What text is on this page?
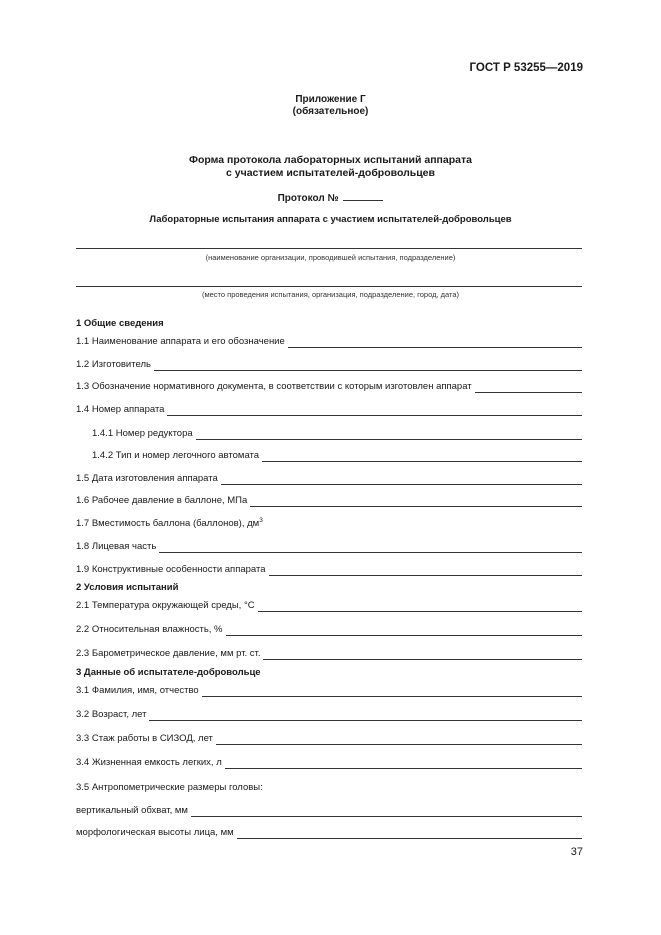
ГОСТ Р 53255—2019
Приложение Г
(обязательное)
Форма протокола лабораторных испытаний аппарата
с участием испытателей-добровольцев
Протокол №
Лабораторные испытания аппарата с участием испытателей-добровольцев
(наименование организации, проводившей испытания, подразделение)
(место проведения испытания, организация, подразделение, город, дата)
1 Общие сведения
1.1 Наименование аппарата и его обозначение
1.2 Изготовитель
1.3 Обозначение нормативного документа, в соответствии с которым изготовлен аппарат
1.4 Номер аппарата
1.4.1 Номер редуктора
1.4.2 Тип и номер легочного автомата
1.5 Дата изготовления аппарата
1.6 Рабочее давление в баллоне, МПа
1.7 Вместимость баллона (баллонов), $дм^3$
1.8 Лицевая часть
1.9 Конструктивные особенности аппарата
2 Условия испытаний
2.1 Температура окружающей среды, °С
2.2 Относительная влажность, %
2.3 Барометрическое давление, мм рт. ст.
3 Данные об испытателе-добровольце
3.1 Фамилия, имя, отчество
3.2 Возраст, лет
3.3 Стаж работы в СИЗОД, лет
3.4 Жизненная емкость легких, л
3.5 Антропометрические размеры головы:
вертикальный обхват, мм
морфологическая высоты лица, мм
37
